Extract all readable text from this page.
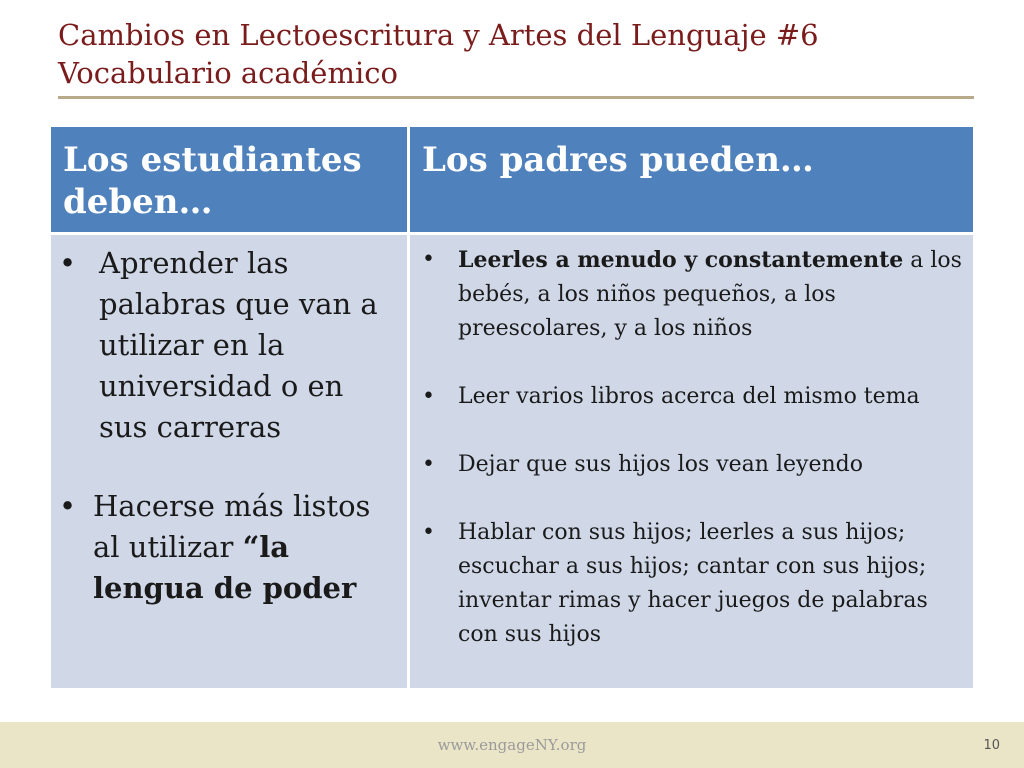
Cambios en Lectoescritura y Artes del Lenguaje #6
Vocabulario académico
Los estudiantes deben…
Los padres pueden…
• Aprender las palabras que van a utilizar en la universidad o en sus carreras
• Hacerse más listos al utilizar “la lengua de poder
• Leerles a menudo y constantemente a los bebés, a los niños pequeños, a los preescolares, y a los niños
• Leer varios libros acerca del mismo tema
• Dejar que sus hijos los vean leyendo
• Hablar con sus hijos; leerles a sus hijos; escuchar a sus hijos; cantar con sus hijos; inventar rimas y hacer juegos de palabras con sus hijos
www.engageNY.org	10
